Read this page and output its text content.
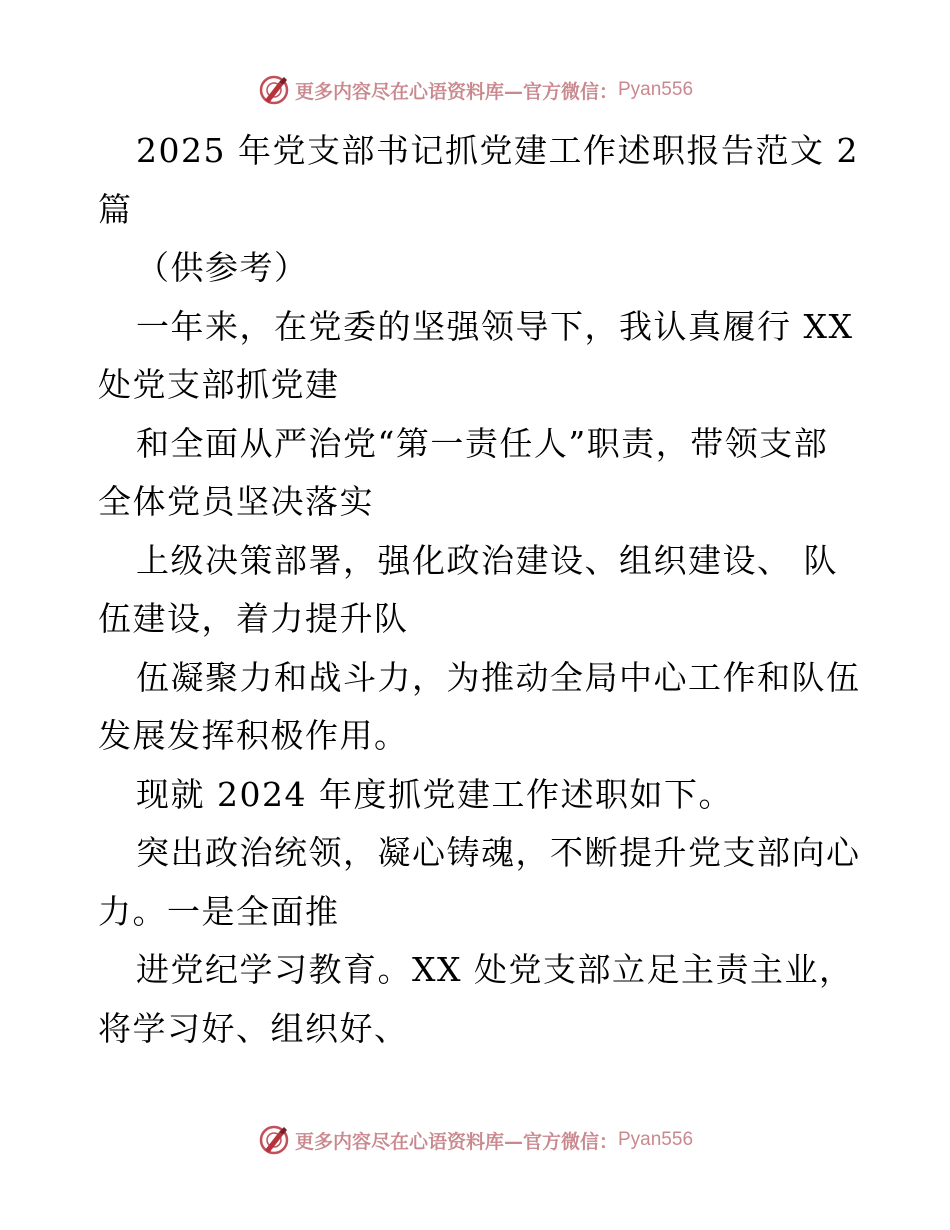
更多内容尽在心语资料库—官方微信： Pyan556
2025 年党支部书记抓党建工作述职报告范文 2
篇
（供参考）
一年来，在党委的坚强领导下，我认真履行 XX
处党支部抓党建
和全面从严治党“第一责任人”职责，带领支部
全体党员坚决落实
上级决策部署，强化政治建设、组织建设、 队
伍建设，着力提升队
伍凝聚力和战斗力，为推动全局中心工作和队伍
发展发挥积极作用。
现就 2024 年度抓党建工作述职如下。
突出政治统领，凝心铸魂，不断提升党支部向心
力。一是全面推
进党纪学习教育。XX 处党支部立足主责主业，
将学习好、组织好、
更多内容尽在心语资料库—官方微信： Pyan556
